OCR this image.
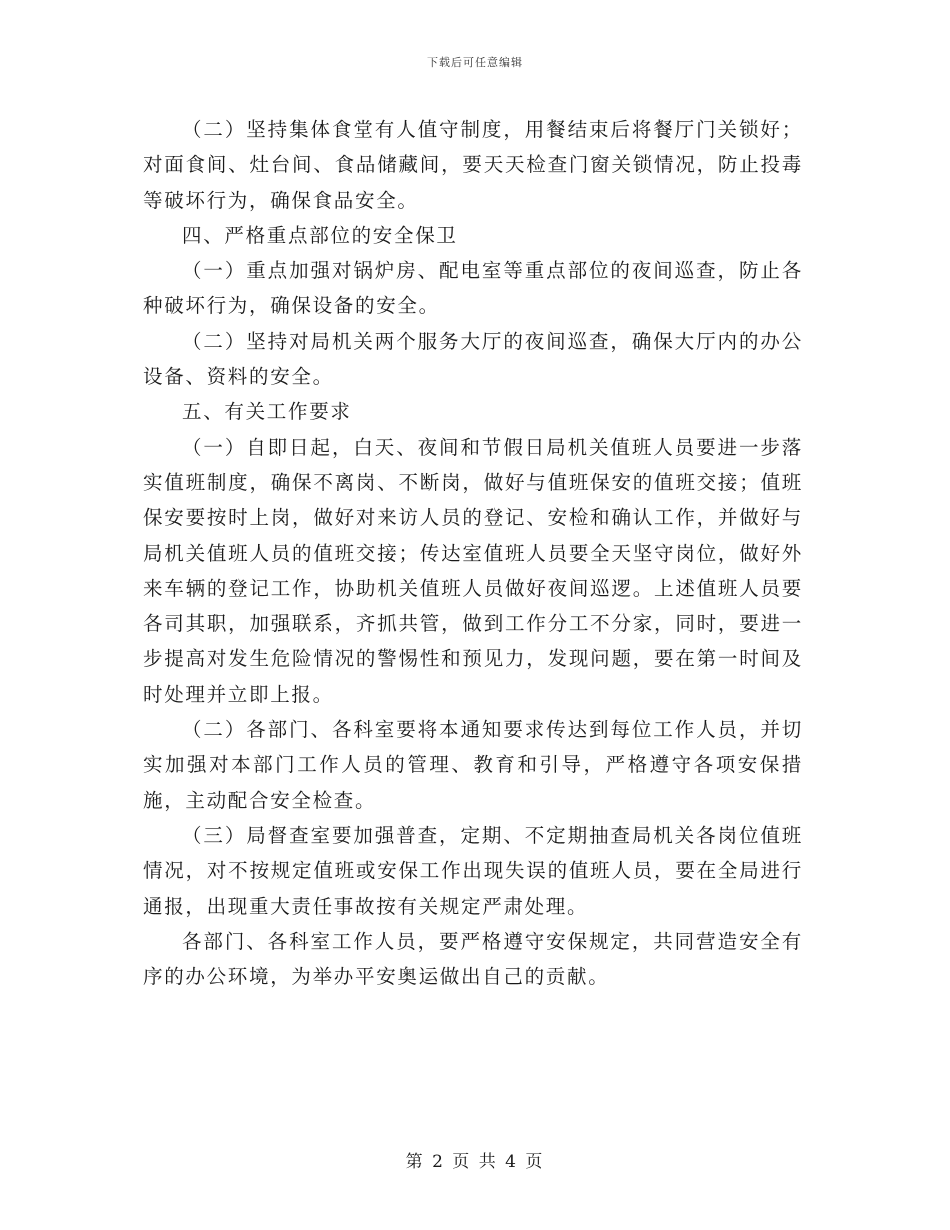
下载后可任意编辑

（二）坚持集体食堂有人值守制度，用餐结束后将餐厅门关锁好；对面食间、灶台间、食品储藏间，要天天检查门窗关锁情况，防止投毒等破坏行为，确保食品安全。

四、严格重点部位的安全保卫

（一）重点加强对锅炉房、配电室等重点部位的夜间巡查，防止各种破坏行为，确保设备的安全。

（二）坚持对局机关两个服务大厅的夜间巡查，确保大厅内的办公设备、资料的安全。

五、有关工作要求

（一）自即日起，白天、夜间和节假日局机关值班人员要进一步落实值班制度，确保不离岗、不断岗，做好与值班保安的值班交接；值班保安要按时上岗，做好对来访人员的登记、安检和确认工作，并做好与局机关值班人员的值班交接；传达室值班人员要全天坚守岗位，做好外来车辆的登记工作，协助机关值班人员做好夜间巡逻。上述值班人员要各司其职，加强联系，齐抓共管，做到工作分工不分家，同时，要进一步提高对发生危险情况的警惕性和预见力，发现问题，要在第一时间及时处理并立即上报。

（二）各部门、各科室要将本通知要求传达到每位工作人员，并切实加强对本部门工作人员的管理、教育和引导，严格遵守各项安保措施，主动配合安全检查。

（三）局督查室要加强普查，定期、不定期抽查局机关各岗位值班情况，对不按规定值班或安保工作出现失误的值班人员，要在全局进行通报，出现重大责任事故按有关规定严肃处理。

各部门、各科室工作人员，要严格遵守安保规定，共同营造安全有序的办公环境，为举办平安奥运做出自己的贡献。

第 2 页 共 4 页
